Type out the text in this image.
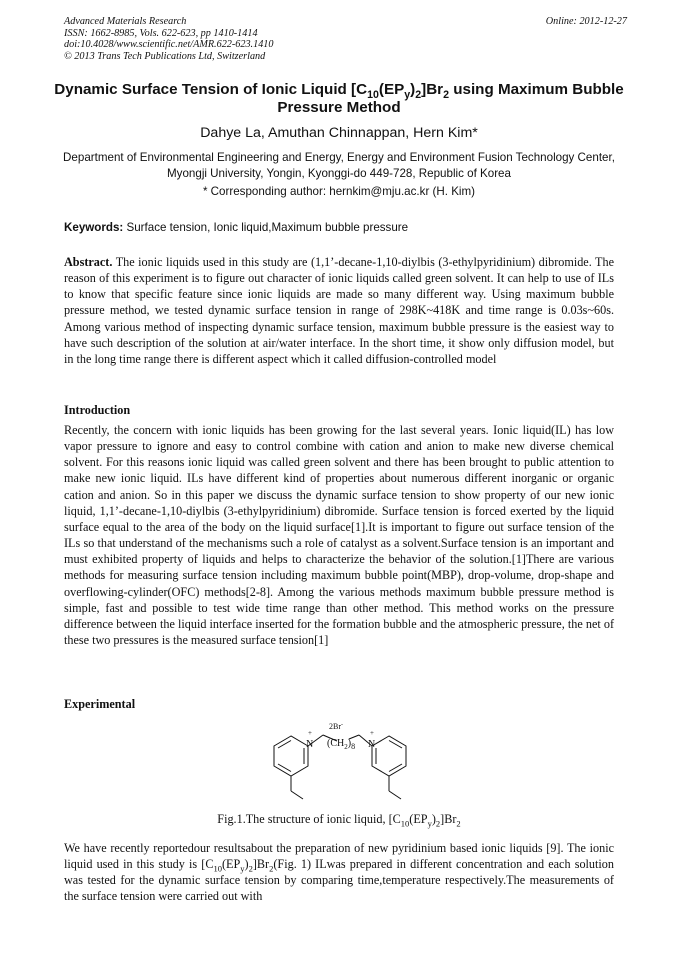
Advanced Materials Research
ISSN: 1662-8985, Vols. 622-623, pp 1410-1414
doi:10.4028/www.scientific.net/AMR.622-623.1410
© 2013 Trans Tech Publications Ltd, Switzerland
Online: 2012-12-27
Dynamic Surface Tension of Ionic Liquid $[C_{10}(EP_y)_2]Br_2$ using Maximum Bubble Pressure Method
Dahye La, Amuthan Chinnappan, Hern Kim*
Department of Environmental Engineering and Energy, Energy and Environment Fusion Technology Center, Myongji University, Yongin, Kyonggi-do 449-728, Republic of Korea
* Corresponding author: hernkim@mju.ac.kr (H. Kim)
Keywords: Surface tension, Ionic liquid,Maximum bubble pressure
Abstract. The ionic liquids used in this study are (1,1’-decane-1,10-diylbis (3-ethylpyridinium) dibromide. The reason of this experiment is to figure out character of ionic liquids called green solvent. It can help to use of ILs to know that specific feature since ionic liquids are made so many different way. Using maximum bubble pressure method, we tested dynamic surface tension in range of 298K~418K and time range is 0.03s~60s. Among various method of inspecting dynamic surface tension, maximum bubble pressure is the easiest way to have such description of the solution at air/water interface. In the short time, it show only diffusion model, but in the long time range there is different aspect which it called diffusion-controlled model
Introduction
Recently, the concern with ionic liquids has been growing for the last several years. Ionic liquid(IL) has low vapor pressure to ignore and easy to control combine with cation and anion to make new diverse chemical solvent. For this reasons ionic liquid was called green solvent and there has been brought to public attention to make new ionic liquid. ILs have different kind of properties about numerous different inorganic or organic cation and anion. So in this paper we discuss the dynamic surface tension to show property of our new ionic liquid, 1,1’-decane-1,10-diylbis (3-ethylpyridinium) dibromide. Surface tension is forced exerted by the liquid surface equal to the area of the body on the liquid surface[1].It is important to figure out surface tension of the ILs so that understand of the mechanisms such a role of catalyst as a solvent.Surface tension is an important and must exhibited property of liquids and helps to characterize the behavior of the solution.[1]There are various methods for measuring surface tension including maximum bubble point(MBP), drop-volume, drop-shape and overflowing-cylinder(OFC) methods[2-8]. Among the various methods maximum bubble pressure method is simple, fast and possible to test wide time range than other method. This method works on the pressure difference between the liquid interface inserted for the formation bubble and the atmospheric pressure, the net of these two pressures is the measured surface tension[1]
Experimental
N
+
N
+
2Br-
$(CH_2)_8$
Fig.1.The structure of ionic liquid, $[C_{10}(EP_y)_2]Br_2$
We have recently reportedour resultsabout the preparation of new pyridinium based ionic liquids [9]. The ionic liquid used in this study is $[C_{10}(EP_y)_2]Br_2(Fig$. 1) ILwas prepared in different concentration and each solution was tested for the dynamic surface tension by comparing time,temperature respectively.The measurements of the surface tension were carried out with
